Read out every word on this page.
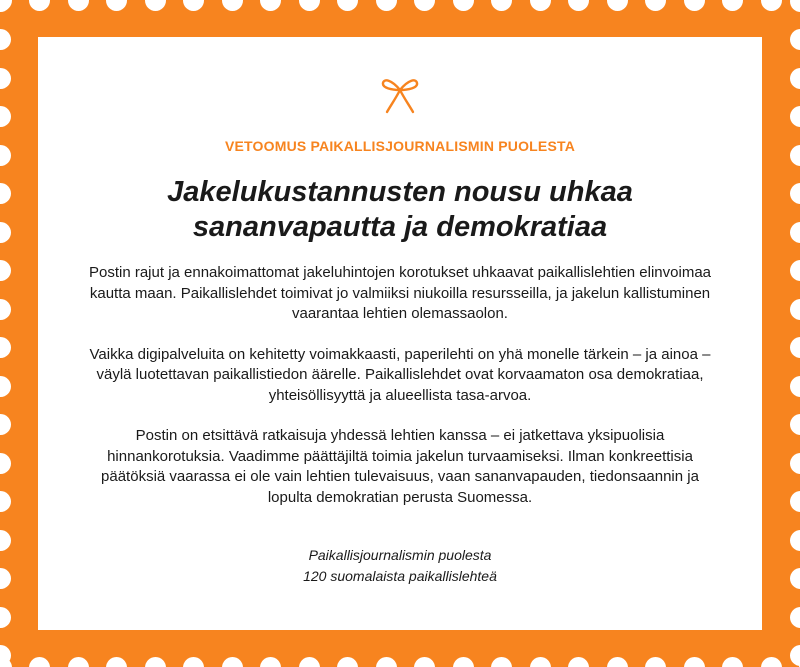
VETOOMUS PAIKALLISJOURNALISMIN PUOLESTA
Jakelukustannusten nousu uhkaa
sananvapautta ja demokratiaa

Postin rajut ja ennakoimattomat jakeluhintojen korotukset uhkaavat paikallislehtien elinvoimaa kautta maan. Paikallislehdet toimivat jo valmiiksi niukoilla resursseilla, ja jakelun kallistuminen vaarantaa lehtien olemassaolon.

Vaikka digipalveluita on kehitetty voimakkaasti, paperilehti on yhä monelle tärkein – ja ainoa – väylä luotettavan paikallistiedon äärelle. Paikallislehdet ovat korvaamaton osa demokratiaa, yhteisöllisyyttä ja alueellista tasa-arvoa.

Postin on etsittävä ratkaisuja yhdessä lehtien kanssa – ei jatkettava yksipuolisia hinnankorotuksia. Vaadimme päättäjiltä toimia jakelun turvaamiseksi. Ilman konkreettisia päätöksiä vaarassa ei ole vain lehtien tulevaisuus, vaan sananvapauden, tiedonsaannin ja lopulta demokratian perusta Suomessa.

Paikallisjournalismin puolesta
120 suomalaista paikallislehteä
